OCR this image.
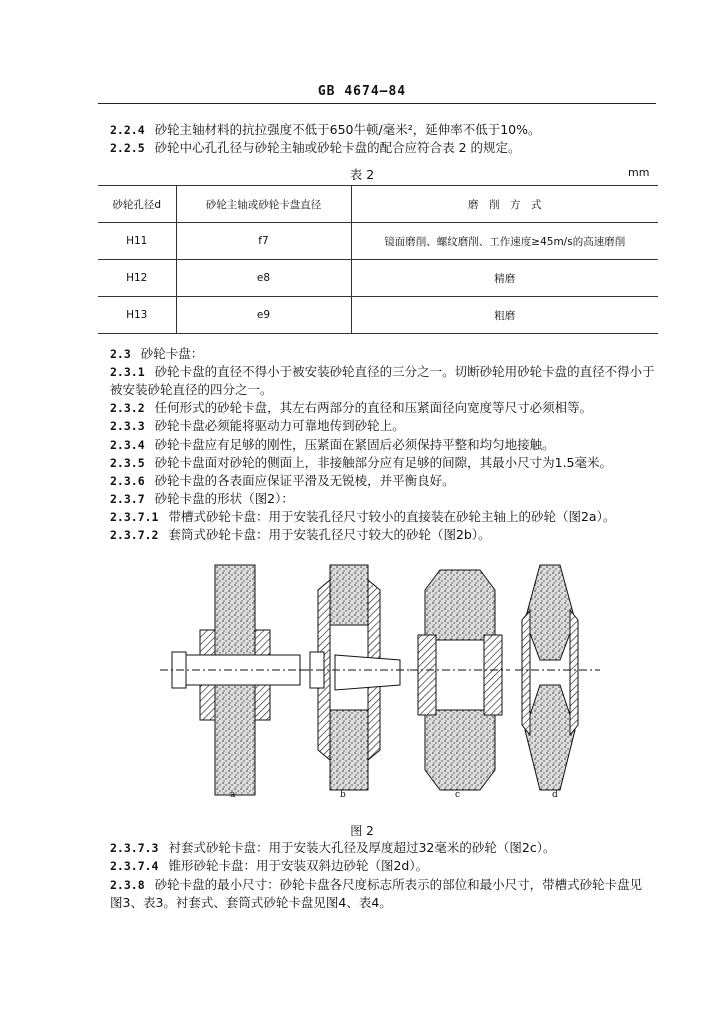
GB 4674—84
2.2.4 砂轮主轴材料的抗拉强度不低于650牛顿/毫米²，延伸率不低于10%。
2.2.5 砂轮中心孔孔径与砂轮主轴或砂轮卡盘的配合应符合表 2 的规定。
表 2	mm
砂轮孔径d	砂轮主轴或砂轮卡盘直径	磨　削　方　式
H11	f7	镜面磨削、螺纹磨削、工作速度≥45m/s的高速磨削
H12	e8	精磨
H13	e9	粗磨
2.3 砂轮卡盘：
2.3.1 砂轮卡盘的直径不得小于被安装砂轮直径的三分之一。切断砂轮用砂轮卡盘的直径不得小于
被安装砂轮直径的四分之一。
2.3.2 任何形式的砂轮卡盘，其左右两部分的直径和压紧面径向宽度等尺寸必须相等。
2.3.3 砂轮卡盘必须能将驱动力可靠地传到砂轮上。
2.3.4 砂轮卡盘应有足够的刚性，压紧面在紧固后必须保持平整和均匀地接触。
2.3.5 砂轮卡盘面对砂轮的侧面上，非接触部分应有足够的间隙，其最小尺寸为1.5毫米。
2.3.6 砂轮卡盘的各表面应保证平滑及无锐棱，并平衡良好。
2.3.7 砂轮卡盘的形状（图2）：
2.3.7.1 带槽式砂轮卡盘：用于安装孔径尺寸较小的直接装在砂轮主轴上的砂轮（图2a）。
2.3.7.2 套筒式砂轮卡盘：用于安装孔径尺寸较大的砂轮（图2b）。
a	b	c	d
图 2
2.3.7.3 衬套式砂轮卡盘：用于安装大孔径及厚度超过32毫米的砂轮（图2c）。
2.3.7.4 锥形砂轮卡盘：用于安装双斜边砂轮（图2d）。
2.3.8 砂轮卡盘的最小尺寸：砂轮卡盘各尺度标志所表示的部位和最小尺寸，带槽式砂轮卡盘见
图3、表3。衬套式、套筒式砂轮卡盘见图4、表4。
